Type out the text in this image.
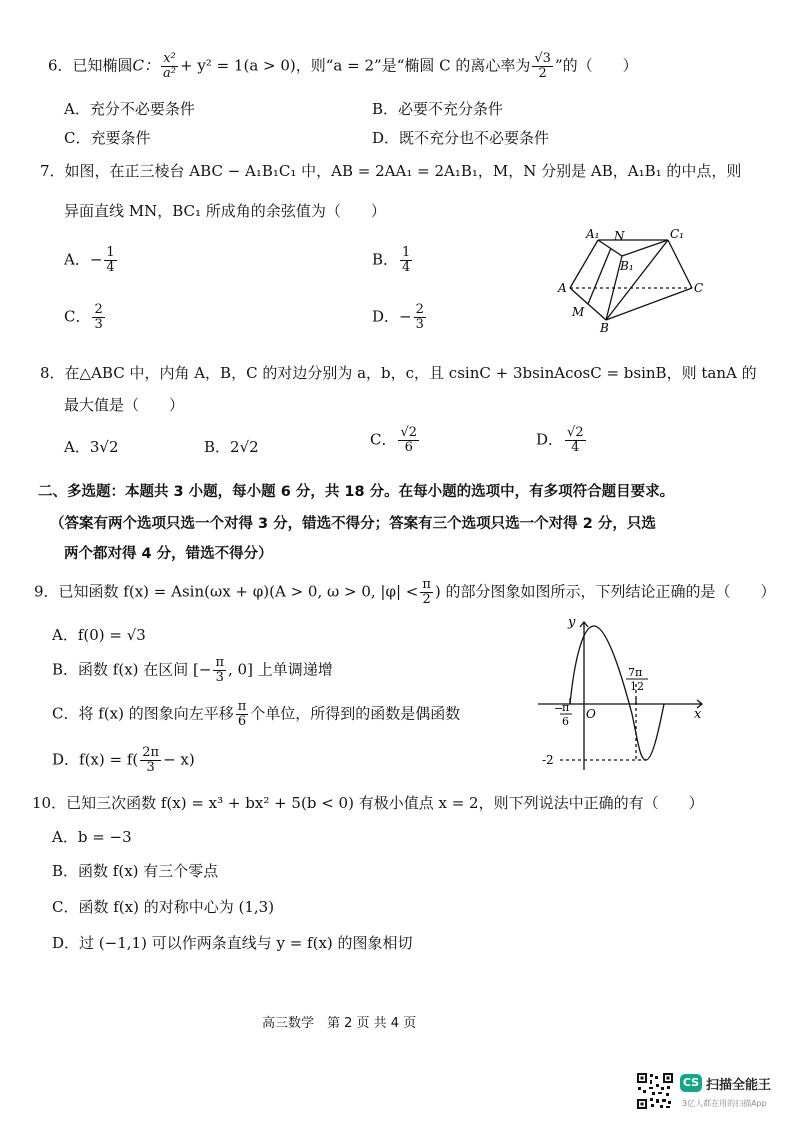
6．已知椭圆C： $\frac{\text{x²}}{\text{a²}} + y^2 = 1(a > 0)$，则“a = 2”是“椭圆 C 的离心率为 $\frac{√3}{2}$ ”的（　　）
A．充分不必要条件	B．必要不充分条件
C．充要条件	D．既不充分也不必要条件
7．如图，在正三棱台 ABC − A₁B₁C₁ 中，AB = 2AA₁ = 2A₁B₁，M，N 分别是 AB，A₁B₁ 的中点，则
异面直线 MN，BC₁ 所成角的余弦值为（　　）
A．− $\frac{1}{4}$	B． $\frac{1}{4}$
C． $\frac{2}{3}$	D．− $\frac{2}{3}$
A₁ N	C₁
B₁
A	C
M
B
8．在△ABC 中，内角 A，B，C 的对边分别为 a，b，c，且 csinC + 3bsinAcosC = bsinB，则 tanA 的
最大值是（　　）
A．3√2	B．2√2	C． $\frac{√2}{6}$	D． $\frac{√2}{4}$
二、多选题：本题共 3 小题，每小题 6 分，共 18 分。在每小题的选项中，有多项符合题目要求。
（答案有两个选项只选一个对得 3 分，错选不得分；答案有三个选项只选一个对得 2 分，只选
两个都对得 4 分，错选不得分）
9．已知函数 f(x) = Asin(ωx + φ)(A > 0, ω > 0, $|\varphi| < \frac{\pi}{2}$ ) 的部分图象如图所示，下列结论正确的是（　　）
A．f(0) = √3
B．函数 f(x) 在区间 [− $\frac{\pi}{3}$ , 0] 上单调递增
C．将 f(x) 的图象向左平移 $\frac{\pi}{6}$ 个单位，所得到的函数是偶函数
D．$f(x) = f( \frac{2\pi}{3} - x)$
y
x
O
−
π
6
7π
12
-2
10．已知三次函数 f(x) = x³ + bx² + 5(b < 0) 有极小值点 x = 2，则下列说法中正确的有（　　）
A．b = −3
B．函数 f(x) 有三个零点
C．函数 f(x) 的对称中心为 (1,3)
D．过 (−1,1) 可以作两条直线与 y = f(x) 的图象相切
高三数学　第 2 页 共 4 页
CS 扫描全能王
3亿人都在用的扫描App
